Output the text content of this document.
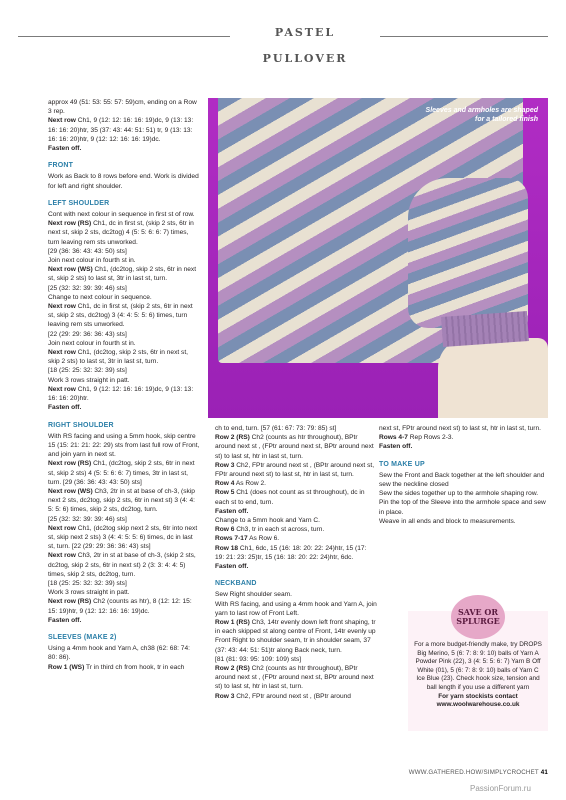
PASTEL PULLOVER

approx 49 (51: 53: 55: 57: 59)cm, ending on a Row 3 rep.

Next row Ch1, 9 (12: 12: 16: 16: 19)dc, 9 (13: 13: 16: 16: 20)htr, 35 (37: 43: 44: 51: 51) tr, 9 (13: 13: 16: 16: 20)htr, 9 (12: 12: 16: 16: 19)dc.

Fasten off.

FRONT

Work as Back to 8 rows before end. Work is divided for left and right shoulder.

LEFT SHOULDER

Cont with next colour in sequence in first st of row.

Next row (RS) Ch1, dc in first st, (skip 2 sts, 6tr in next st, skip 2 sts, dc2tog) 4 (5: 5: 6: 6: 7) times, turn leaving rem sts unworked.

[29 (36: 36: 43: 43: 50) sts]

Join next colour in fourth st in.

Next row (WS) Ch1, (dc2tog, skip 2 sts, 6tr in next st, skip 2 sts) to last st, 3tr in last st, turn.

[25 (32: 32: 39: 39: 46) sts]

Change to next colour in sequence.

Next row Ch1, dc in first st, (skip 2 sts, 6tr in next st, skip 2 sts, dc2tog) 3 (4: 4: 5: 5: 6) times, turn leaving rem sts unworked.

[22 (29: 29: 36: 36: 43) sts]

Join next colour in fourth st in.

Next row Ch1, (dc2tog, skip 2 sts, 6tr in next st, skip 2 sts) to last st, 3tr in last st, turn.

[18 (25: 25: 32: 32: 39) sts]

Work 3 rows straight in patt.

Next row Ch1, 9 (12: 12: 16: 16: 19)dc, 9 (13: 13: 16: 16: 20)htr.

Fasten off.

RIGHT SHOULDER

With RS facing and using a 5mm hook, skip centre 15 (15: 21: 21: 22: 29) sts from last full row of Front, and join yarn in next st.

Next row (RS) Ch1, (dc2tog, skip 2 sts, 6tr in next st, skip 2 sts) 4 (5: 5: 6: 6: 7) times, 3tr in last st, turn. [29 (36: 36: 43: 43: 50) sts]

Next row (WS) Ch3, 2tr in st at base of ch-3, (skip next 2 sts, dc2tog, skip 2 sts, 6tr in next st) 3 (4: 4: 5: 5: 6) times, skip 2 sts, dc2tog, turn.

[25 (32: 32: 39: 39: 46) sts]

Next row Ch1, (dc2tog skip next 2 sts, 6tr into next st, skip next 2 sts) 3 (4: 4: 5: 5: 6) times, dc in last st, turn. [22 (29: 29: 36: 36: 43) sts]

Next row Ch3, 2tr in st at base of ch-3, (skip 2 sts, dc2tog, skip 2 sts, 6tr in next st) 2 (3: 3: 4: 4: 5) times, skip 2 sts, dc2tog, turn.

[18 (25: 25: 32: 32: 39) sts]

Work 3 rows straight in patt.

Next row (RS) Ch2 (counts as htr), 8 (12: 12: 15: 15: 19)htr, 9 (12: 12: 16: 16: 19)dc.

Fasten off.

SLEEVES (MAKE 2)

Using a 4mm hook and Yarn A, ch38 (62: 68: 74: 80: 86).

Row 1 (WS) Tr in third ch from hook, tr in each

Sleeves and armholes are shaped for a tailored finish

ch to end, turn. [57 (61: 67: 73: 79: 85) st]

Row 2 (RS) Ch2 (counts as htr throughout), BPtr around next st , (FPtr around next st, BPtr around next st) to last st, htr in last st, turn.

Row 3 Ch2, FPtr around next st , (BPtr around next st, FPtr around next st) to last st, htr in last st, turn.

Row 4 As Row 2.

Row 5 Ch1 (does not count as st throughout), dc in each st to end, turn.

Fasten off.

Change to a 5mm hook and Yarn C.

Row 6 Ch3, tr in each st across, turn.

Rows 7-17 As Row 6.

Row 18 Ch1, 6dc, 15 (16: 18: 20: 22: 24)htr, 15 (17: 19: 21: 23: 25)tr, 15 (16: 18: 20: 22: 24)htr, 6dc.

Fasten off.

NECKBAND

Sew Right shoulder seam.

With RS facing, and using a 4mm hook and Yarn A, join yarn to last row of Front Left.

Row 1 (RS) Ch3, 14tr evenly down left front shaping, tr in each skipped st along centre of Front, 14tr evenly up Front Right to shoulder seam, tr in shoulder seam, 37 (37: 43: 44: 51: 51)tr along Back neck, turn.

[81 (81: 93: 95: 109: 109) sts]

Row 2 (RS) Ch2 (counts as htr throughout), BPtr around next st , (FPtr around next st, BPtr around next st) to last st, htr in last st, turn.

Row 3 Ch2, FPtr around next st , (BPtr around

next st, FPtr around next st) to last st, htr in last st, turn.

Rows 4-7 Rep Rows 2-3.

Fasten off.

TO MAKE UP

Sew the Front and Back together at the left shoulder and sew the neckline closed

Sew the sides together up to the armhole shaping row.

Pin the top of the Sleeve into the armhole space and sew in place.

Weave in all ends and block to measurements.

SAVE OR SPLURGE

For a more budget-friendly make, try DROPS Big Merino, 5 (6: 7: 8: 9: 10) balls of Yarn A Powder Pink (22), 3 (4: 5: 5: 6: 7) Yarn B Off White (01), 5 (6: 7: 8: 9: 10) balls of Yarn C Ice Blue (23). Check hook size, tension and ball length if you use a different yarn

For yarn stockists contact

www.woolwarehouse.co.uk

WWW.GATHERED.HOW/SIMPLYCROCHET 41
PassionForum.ru
